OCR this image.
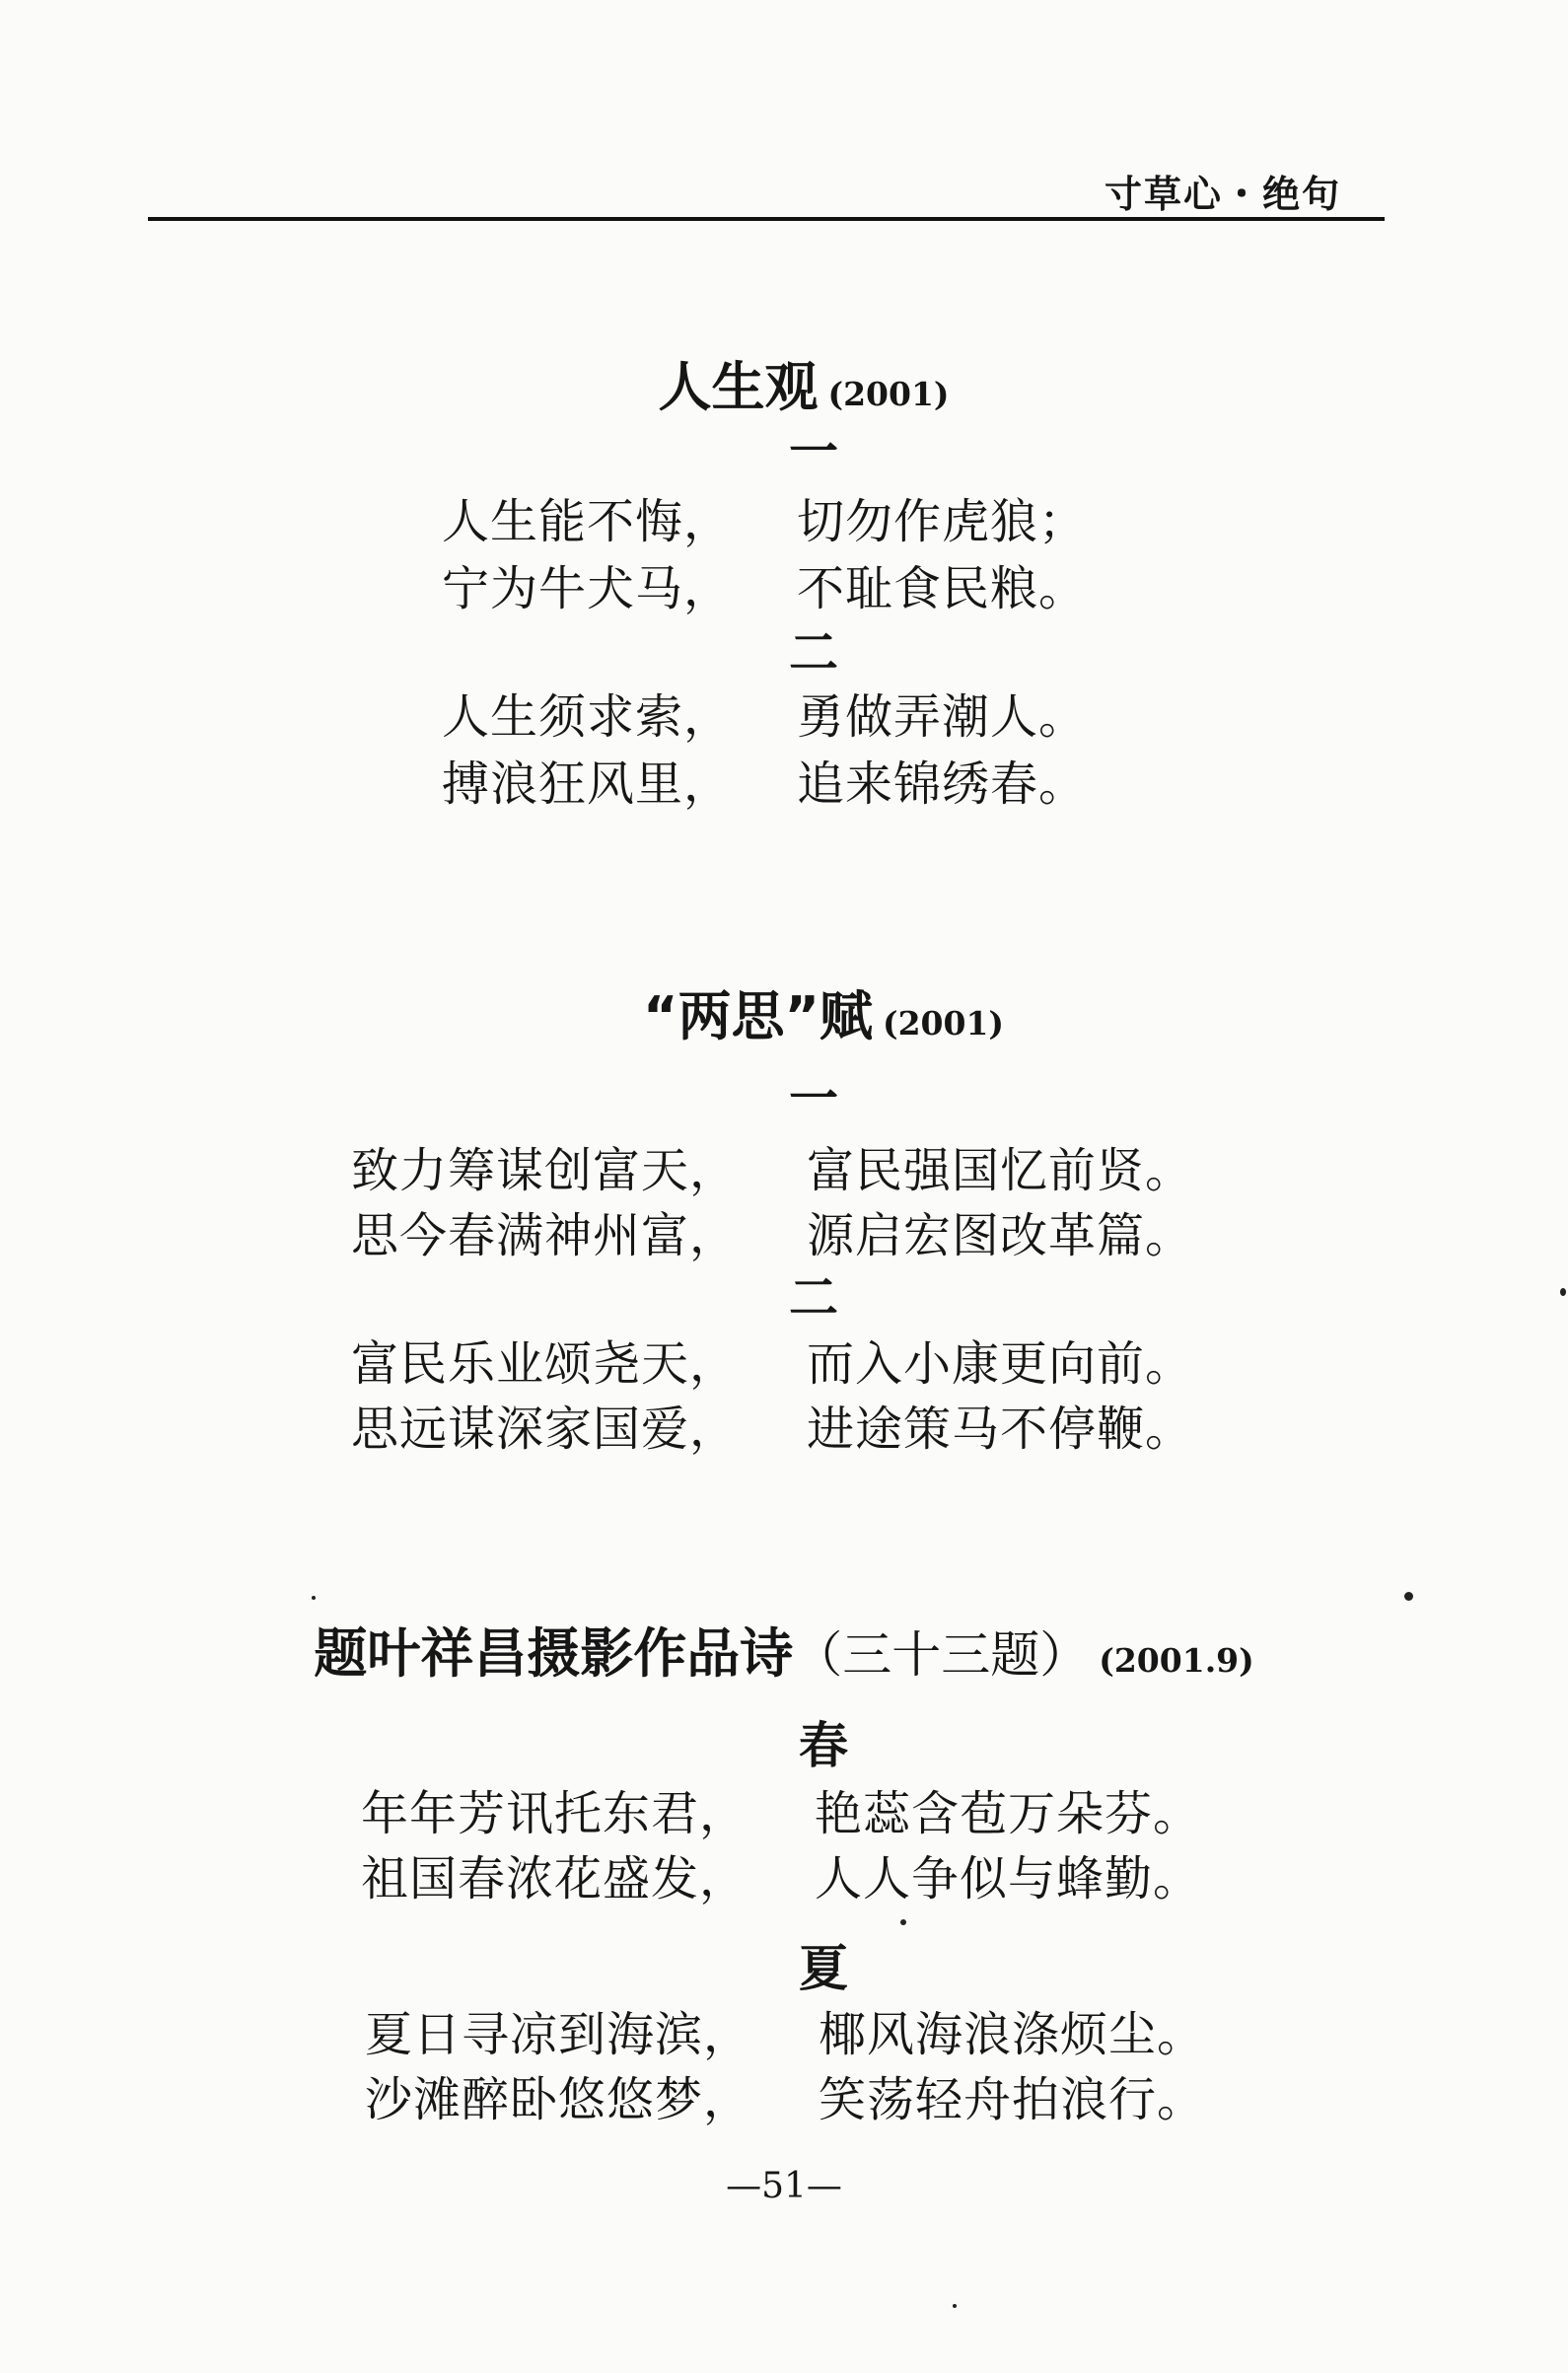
寸草心・绝句
人生观 (2001)
一
人生能不悔， 切勿作虎狼；
宁为牛犬马， 不耻食民粮。
二
人生须求索， 勇做弄潮人。
搏浪狂风里， 追来锦绣春。
“两思”赋 (2001)
一
致力筹谋创富天， 富民强国忆前贤。
思今春满神州富， 源启宏图改革篇。
二
富民乐业颂尧天， 而入小康更向前。
思远谋深家国爱， 进途策马不停鞭。
题叶祥昌摄影作品诗（三十三题） (2001.9)
春
年年芳讯托东君， 艳蕊含苞万朵芬。
祖国春浓花盛发， 人人争似与蜂勤。
夏
夏日寻凉到海滨， 椰风海浪涤烦尘。
沙滩醉卧悠悠梦， 笑荡轻舟拍浪行。
—51—
